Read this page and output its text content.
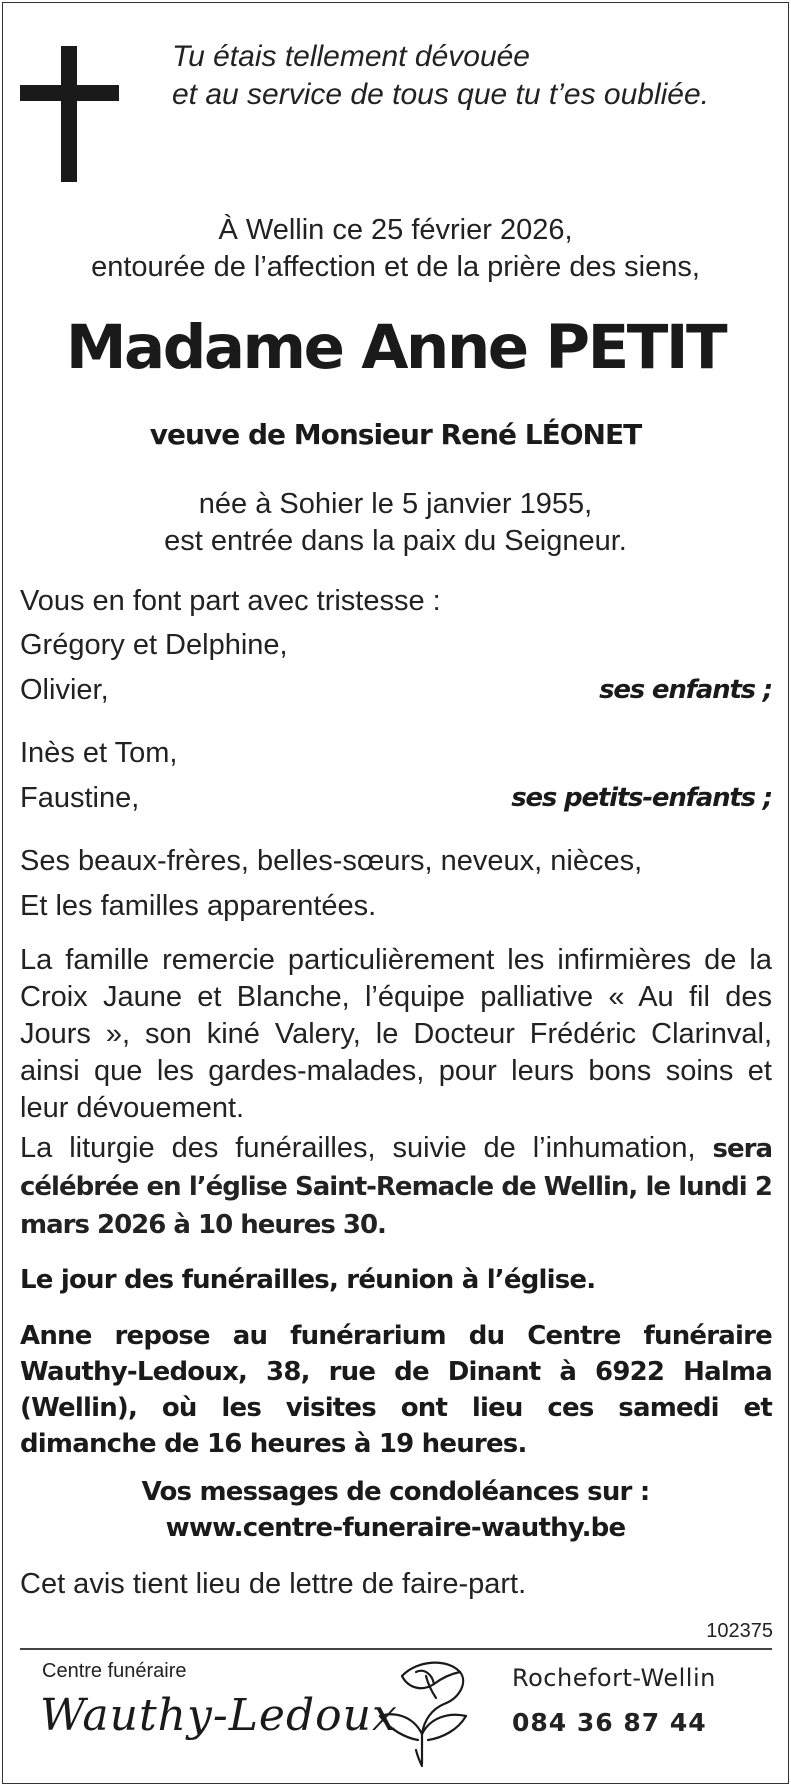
Tu étais tellement dévouée
et au service de tous que tu t’es oubliée.
À Wellin ce 25 février 2026,
entourée de l’affection et de la prière des siens,
Madame Anne PETIT
veuve de Monsieur René LÉONET
née à Sohier le 5 janvier 1955,
est entrée dans la paix du Seigneur.
Vous en font part avec tristesse :
Grégory et Delphine,
Olivier,	ses enfants ;
Inès et Tom,
Faustine,	ses petits-enfants ;
Ses beaux-frères, belles-sœurs, neveux, nièces,
Et les familles apparentées.
La famille remercie particulièrement les infirmières de la Croix Jaune et Blanche, l’équipe palliative « Au fil des Jours », son kiné Valery, le Docteur Frédéric Clarinval, ainsi que les gardes-malades, pour leurs bons soins et leur dévouement.
La liturgie des funérailles, suivie de l’inhumation, sera célébrée en l’église Saint-Remacle de Wellin, le lundi 2 mars 2026 à 10 heures 30.
Le jour des funérailles, réunion à l’église.
Anne repose au funérarium du Centre funéraire Wauthy-Ledoux, 38, rue de Dinant à 6922 Halma (Wellin), où les visites ont lieu ces samedi et dimanche de 16 heures à 19 heures.
Vos messages de condoléances sur :
www.centre-funeraire-wauthy.be
Cet avis tient lieu de lettre de faire-part.
102375
Centre funéraire
Wauthy-Ledoux
Rochefort-Wellin
084 36 87 44
